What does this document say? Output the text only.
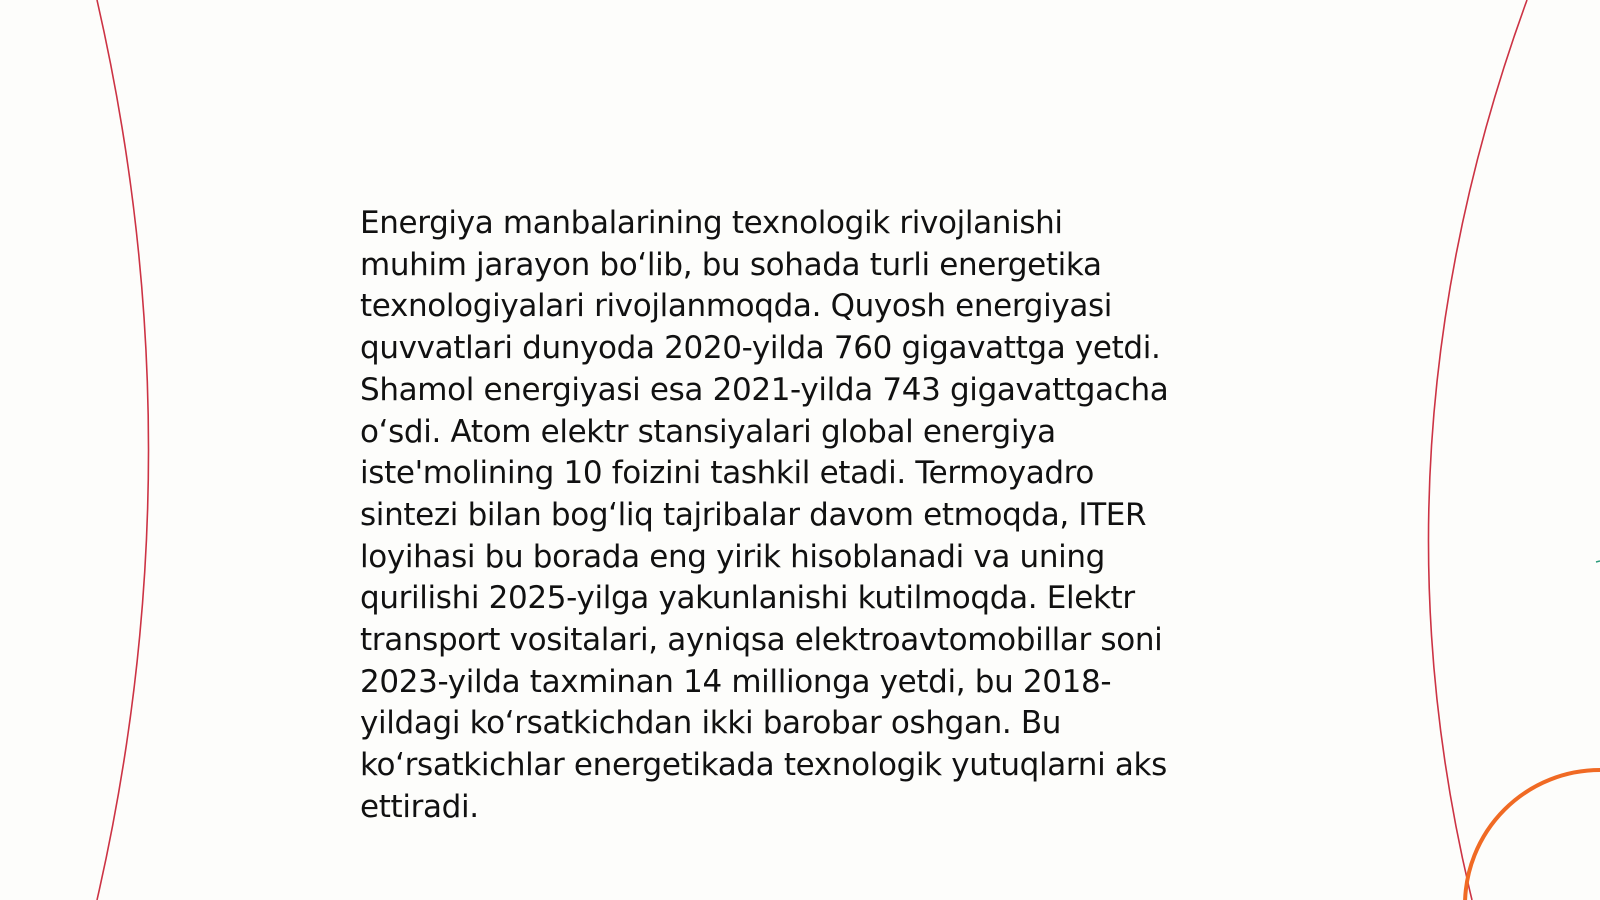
Energiya manbalarining texnologik rivojlanishi
muhim jarayon bo‘lib, bu sohada turli energetika
texnologiyalari rivojlanmoqda. Quyosh energiyasi
quvvatlari dunyoda 2020-yilda 760 gigavattga yetdi.
Shamol energiyasi esa 2021-yilda 743 gigavattgacha
o‘sdi. Atom elektr stansiyalari global energiya
iste'molining 10 foizini tashkil etadi. Termoyadro
sintezi bilan bog‘liq tajribalar davom etmoqda, ITER
loyihasi bu borada eng yirik hisoblanadi va uning
qurilishi 2025-yilga yakunlanishi kutilmoqda. Elektr
transport vositalari, ayniqsa elektroavtomobillar soni
2023-yilda taxminan 14 millionga yetdi, bu 2018-
yildagi ko‘rsatkichdan ikki barobar oshgan. Bu
ko‘rsatkichlar energetikada texnologik yutuqlarni aks
ettiradi.
